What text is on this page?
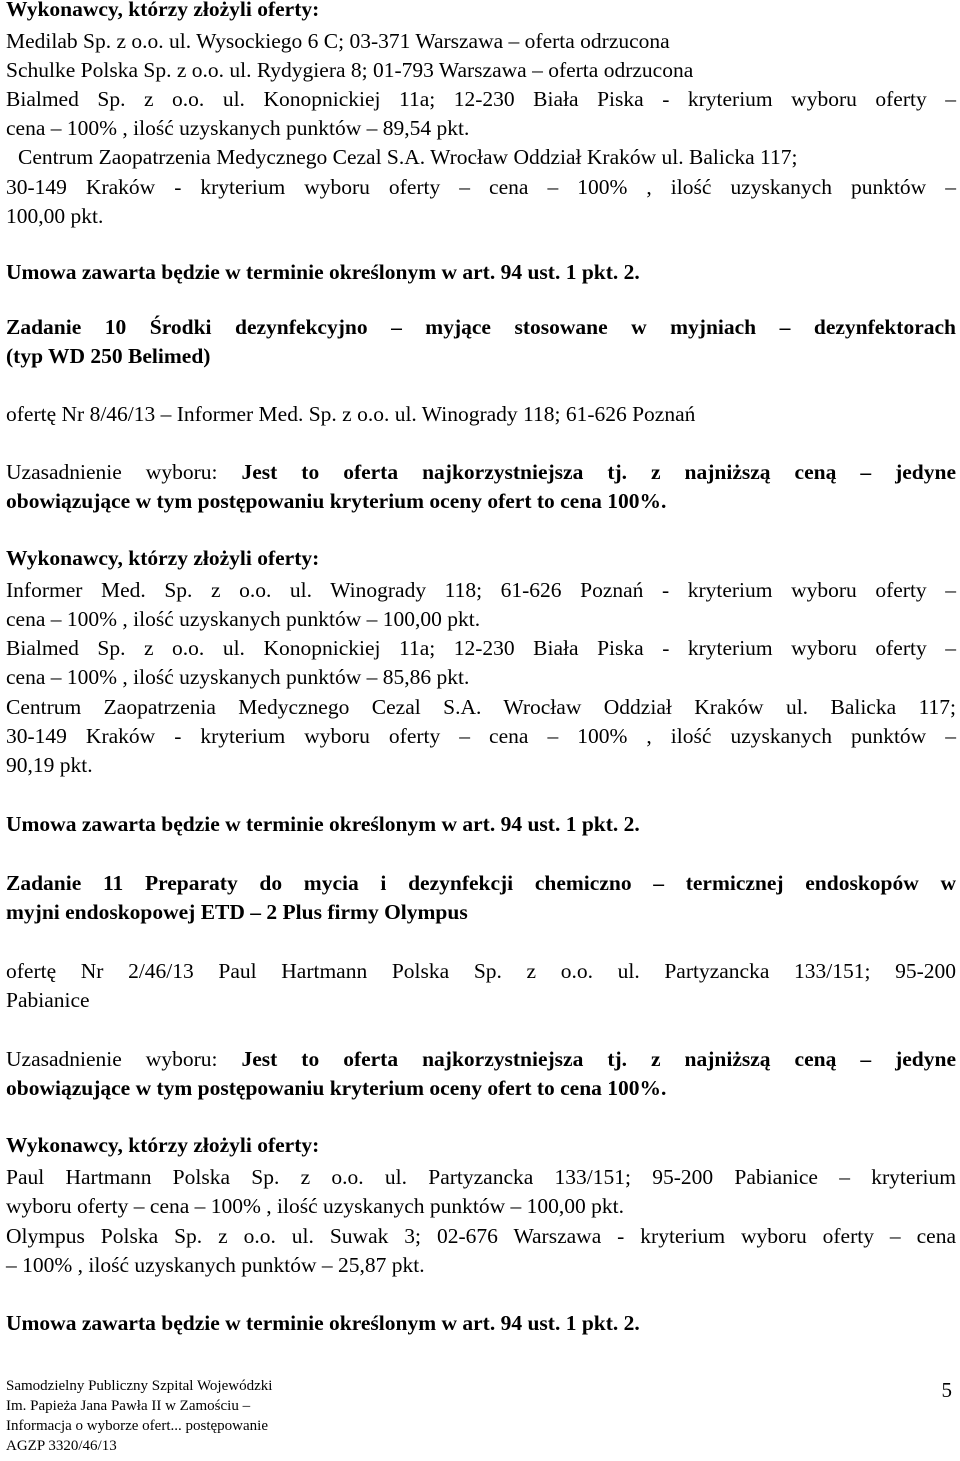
Wykonawcy, którzy złożyli oferty:
Medilab Sp. z o.o. ul. Wysockiego 6 C; 03-371 Warszawa – oferta odrzucona
Schulke Polska Sp. z o.o. ul. Rydygiera 8; 01-793 Warszawa – oferta odrzucona
Bialmed Sp. z o.o. ul. Konopnickiej 11a; 12-230 Biała Piska - kryterium wyboru oferty –
cena – 100% , ilość uzyskanych punktów – 89,54 pkt.
Centrum Zaopatrzenia Medycznego Cezal S.A. Wrocław Oddział Kraków ul. Balicka 117;
30-149 Kraków - kryterium wyboru oferty – cena – 100% , ilość uzyskanych punktów –
100,00 pkt.
Umowa zawarta będzie w terminie określonym w art. 94 ust. 1 pkt. 2.
Zadanie 10 Środki dezynfekcyjno – myjące stosowane w myjniach – dezynfektorach
(typ WD 250 Belimed)
ofertę Nr 8/46/13 – Informer Med. Sp. z o.o. ul. Winogrady 118; 61-626 Poznań
Uzasadnienie wyboru: Jest to oferta najkorzystniejsza tj. z najniższą ceną – jedyne
obowiązujące w tym postępowaniu kryterium oceny ofert to cena 100%.
Wykonawcy, którzy złożyli oferty:
Informer Med. Sp. z o.o. ul. Winogrady 118; 61-626 Poznań - kryterium wyboru oferty –
cena – 100% , ilość uzyskanych punktów – 100,00 pkt.
Bialmed Sp. z o.o. ul. Konopnickiej 11a; 12-230 Biała Piska - kryterium wyboru oferty –
cena – 100% , ilość uzyskanych punktów – 85,86 pkt.
Centrum Zaopatrzenia Medycznego Cezal S.A. Wrocław Oddział Kraków ul. Balicka 117;
30-149 Kraków - kryterium wyboru oferty – cena – 100% , ilość uzyskanych punktów –
90,19 pkt.
Umowa zawarta będzie w terminie określonym w art. 94 ust. 1 pkt. 2.
Zadanie 11 Preparaty do mycia i dezynfekcji chemiczno – termicznej endoskopów w
myjni endoskopowej ETD – 2 Plus firmy Olympus
ofertę Nr 2/46/13 Paul Hartmann Polska Sp. z o.o. ul. Partyzancka 133/151; 95-200
Pabianice
Uzasadnienie wyboru: Jest to oferta najkorzystniejsza tj. z najniższą ceną – jedyne
obowiązujące w tym postępowaniu kryterium oceny ofert to cena 100%.
Wykonawcy, którzy złożyli oferty:
Paul Hartmann Polska Sp. z o.o. ul. Partyzancka 133/151; 95-200 Pabianice – kryterium
wyboru oferty – cena – 100% , ilość uzyskanych punktów – 100,00 pkt.
Olympus Polska Sp. z o.o. ul. Suwak 3; 02-676 Warszawa - kryterium wyboru oferty – cena
– 100% , ilość uzyskanych punktów – 25,87 pkt.
Umowa zawarta będzie w terminie określonym w art. 94 ust. 1 pkt. 2.
Samodzielny Publiczny Szpital Wojewódzki
Im. Papieża Jana Pawła II w Zamościu –
Informacja o wyborze ofert... postępowanie
AGZP 3320/46/13
5
